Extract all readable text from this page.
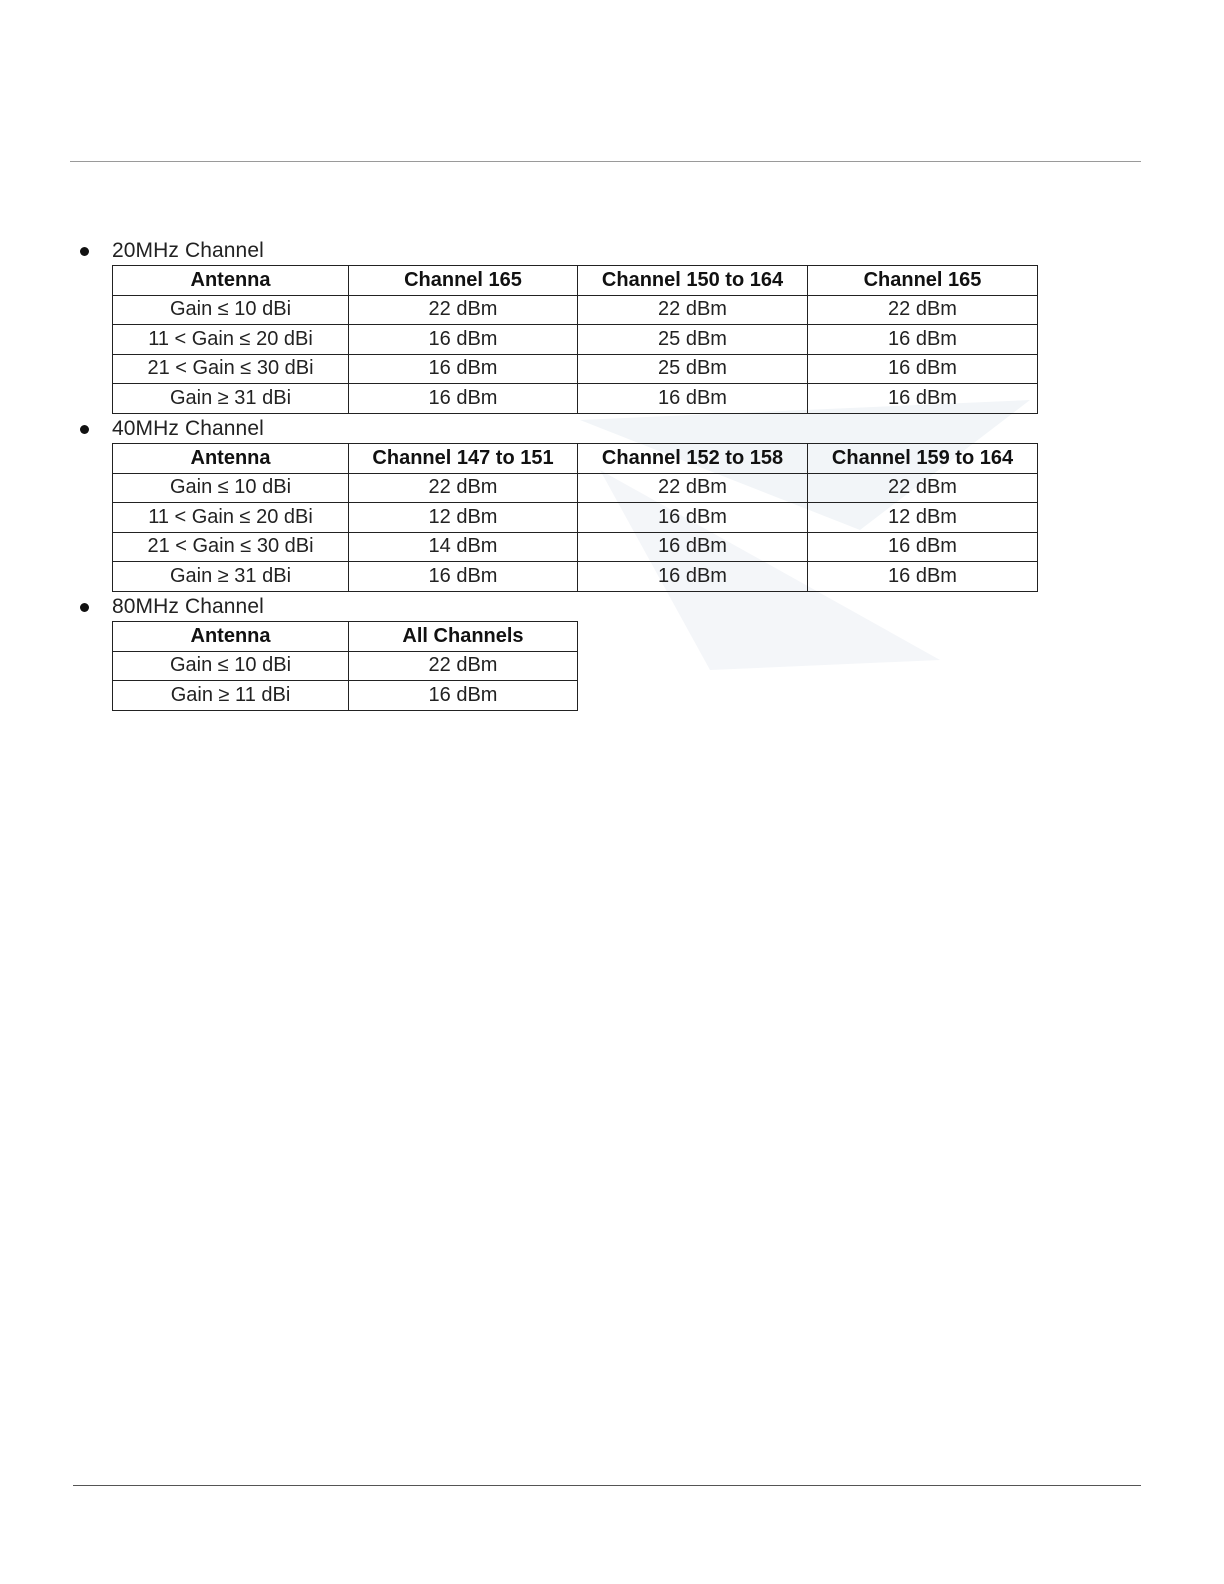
20MHz Channel
Antenna	Channel 165	Channel 150 to 164	Channel 165
Gain ≤ 10 dBi	22 dBm	22 dBm	22 dBm
11 < Gain ≤ 20 dBi	16 dBm	25 dBm	16 dBm
21 < Gain ≤ 30 dBi	16 dBm	25 dBm	16 dBm
Gain ≥ 31 dBi	16 dBm	16 dBm	16 dBm
40MHz Channel
Antenna	Channel 147 to 151	Channel 152 to 158	Channel 159 to 164
Gain ≤ 10 dBi	22 dBm	22 dBm	22 dBm
11 < Gain ≤ 20 dBi	12 dBm	16 dBm	12 dBm
21 < Gain ≤ 30 dBi	14 dBm	16 dBm	16 dBm
Gain ≥ 31 dBi	16 dBm	16 dBm	16 dBm
80MHz Channel
Antenna	All Channels
Gain ≤ 10 dBi	22 dBm
Gain ≥ 11 dBi	16 dBm
